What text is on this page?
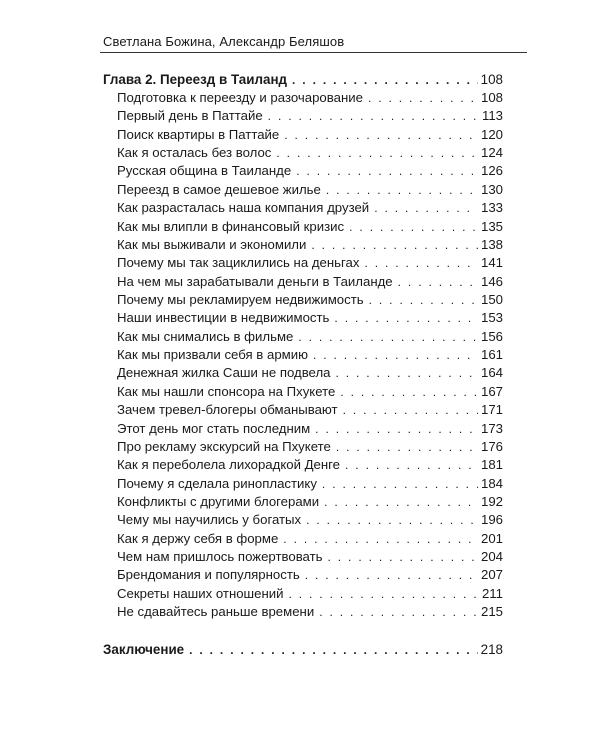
Светлана Божина, Александр Беляшов
Глава 2. Переезд в Таиланд . . .	108
Подготовка к переезду и разочарование . . .	108
Первый день в Паттайе . . .	113
Поиск квартиры в Паттайе . . .	120
Как я осталась без волос . . .	124
Русская община в Таиланде . . .	126
Переезд в самое дешевое жилье . . .	130
Как разрасталась наша компания друзей . . .	133
Как мы влипли в финансовый кризис . . .	135
Как мы выживали и экономили . . .	138
Почему мы так зациклились на деньгах . . .	141
На чем мы зарабатывали деньги в Таиланде . . .	146
Почему мы рекламируем недвижимость . . .	150
Наши инвестиции в недвижимость . . .	153
Как мы снимались в фильме . . .	156
Как мы призвали себя в армию . . .	161
Денежная жилка Саши не подвела . . .	164
Как мы нашли спонсора на Пхукете . . .	167
Зачем тревел-блогеры обманывают . . .	171
Этот день мог стать последним . . .	173
Про рекламу экскурсий на Пхукете . . .	176
Как я переболела лихорадкой Денге . . .	181
Почему я сделала ринопластику . . .	184
Конфликты с другими блогерами . . .	192
Чему мы научились у богатых . . .	196
Как я держу себя в форме . . .	201
Чем нам пришлось пожертвовать . . .	204
Брендомания и популярность . . .	207
Секреты наших отношений . . .	211
Не сдавайтесь раньше времени . . .	215
Заключение . . .	218
